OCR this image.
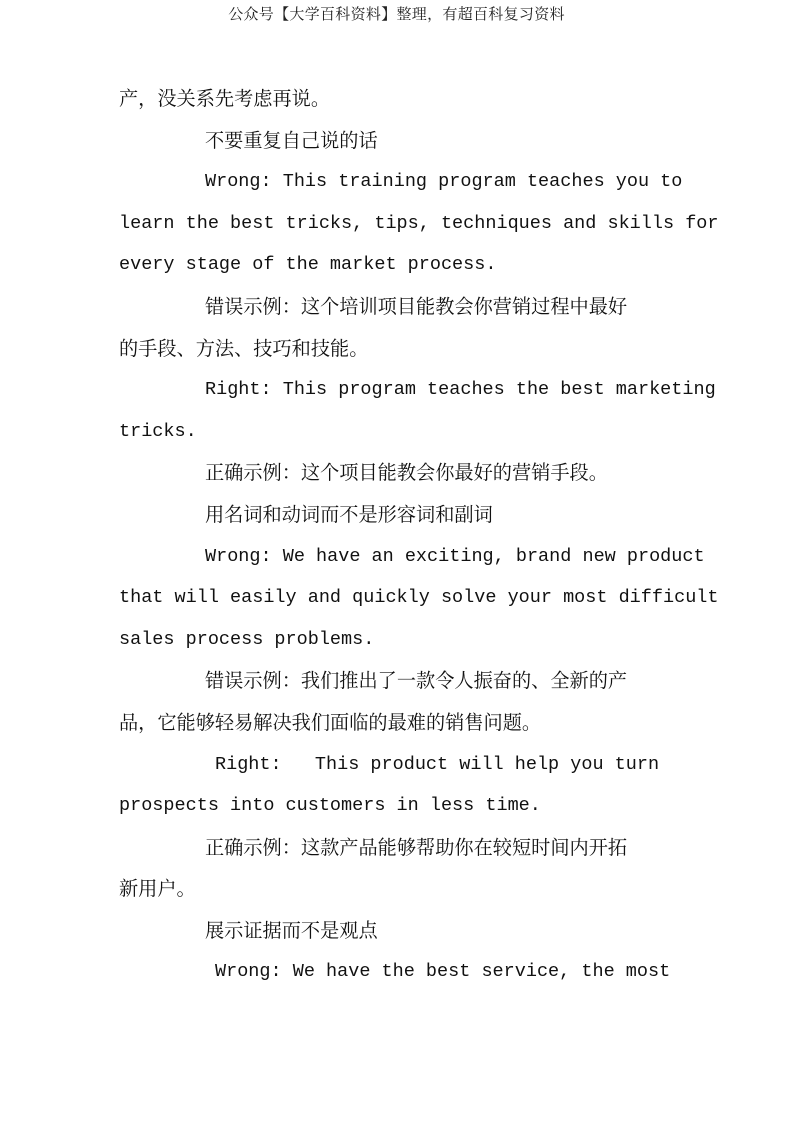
公众号【大学百科资料】整理，有超百科复习资料
产，没关系先考虑再说。
不要重复自己说的话
Wrong: This training program teaches you to
learn the best tricks, tips, techniques and skills for
every stage of the market process.
错误示例：这个培训项目能教会你营销过程中最好
的手段、方法、技巧和技能。
Right: This program teaches the best marketing
tricks.
正确示例：这个项目能教会你最好的营销手段。
用名词和动词而不是形容词和副词
Wrong: We have an exciting, brand new product
that will easily and quickly solve your most difficult
sales process problems.
错误示例：我们推出了一款令人振奋的、全新的产
品，它能够轻易解决我们面临的最难的销售问题。
Right:   This product will help you turn
prospects into customers in less time.
正确示例：这款产品能够帮助你在较短时间内开拓
新用户。
展示证据而不是观点
Wrong: We have the best service, the most
